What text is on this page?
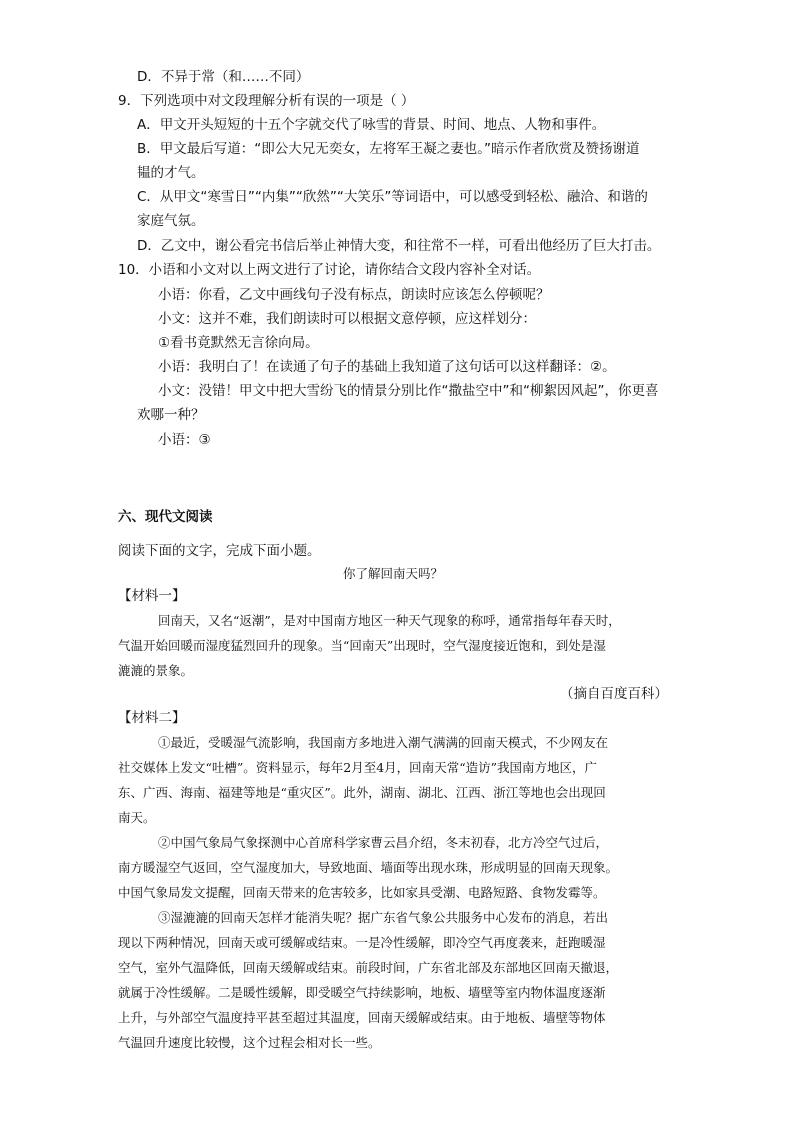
D．不异于常（和……不同）
9．下列选项中对文段理解分析有误的一项是（ ）
A．甲文开头短短的十五个字就交代了咏雪的背景、时间、地点、人物和事件。
B．甲文最后写道：“即公大兄无奕女，左将军王凝之妻也。”暗示作者欣赏及赞扬谢道
韫的才气。
C．从甲文“寒雪日”“内集”“欣然”“大笑乐”等词语中，可以感受到轻松、融洽、和谐的
家庭气氛。
D．乙文中，谢公看完书信后举止神情大变，和往常不一样，可看出他经历了巨大打击。
10．小语和小文对以上两文进行了讨论，请你结合文段内容补全对话。
小语：你看，乙文中画线句子没有标点，朗读时应该怎么停顿呢？
小文：这并不难，我们朗读时可以根据文意停顿，应这样划分：
①看书竟默然无言徐向局。
小语：我明白了！在读通了句子的基础上我知道了这句话可以这样翻译：②。
小文：没错！甲文中把大雪纷飞的情景分别比作“撒盐空中”和“柳絮因风起”，你更喜
欢哪一种？
小语：③
六、现代文阅读
阅读下面的文字，完成下面小题。
你了解回南天吗？
【材料一】
回南天，又名“返潮”，是对中国南方地区一种天气现象的称呼，通常指每年春天时，
气温开始回暖而湿度猛烈回升的现象。当“回南天”出现时，空气湿度接近饱和，到处是湿
漉漉的景象。
（摘自百度百科）
【材料二】
①最近，受暖湿气流影响，我国南方多地进入潮气满满的回南天模式，不少网友在
社交媒体上发文“吐槽”。资料显示，每年2月至4月，回南天常“造访”我国南方地区，广
东、广西、海南、福建等地是“重灾区”。此外，湖南、湖北、江西、浙江等地也会出现回
南天。
②中国气象局气象探测中心首席科学家曹云昌介绍，冬末初春，北方冷空气过后，
南方暖湿空气返回，空气湿度加大，导致地面、墙面等出现水珠，形成明显的回南天现象。
中国气象局发文提醒，回南天带来的危害较多，比如家具受潮、电路短路、食物发霉等。
③湿漉漉的回南天怎样才能消失呢？据广东省气象公共服务中心发布的消息，若出
现以下两种情况，回南天或可缓解或结束。一是冷性缓解，即冷空气再度袭来，赶跑暖湿
空气，室外气温降低，回南天缓解或结束。前段时间，广东省北部及东部地区回南天撤退，
就属于冷性缓解。二是暖性缓解，即受暖空气持续影响，地板、墙壁等室内物体温度逐渐
上升，与外部空气温度持平甚至超过其温度，回南天缓解或结束。由于地板、墙壁等物体
气温回升速度比较慢，这个过程会相对长一些。
